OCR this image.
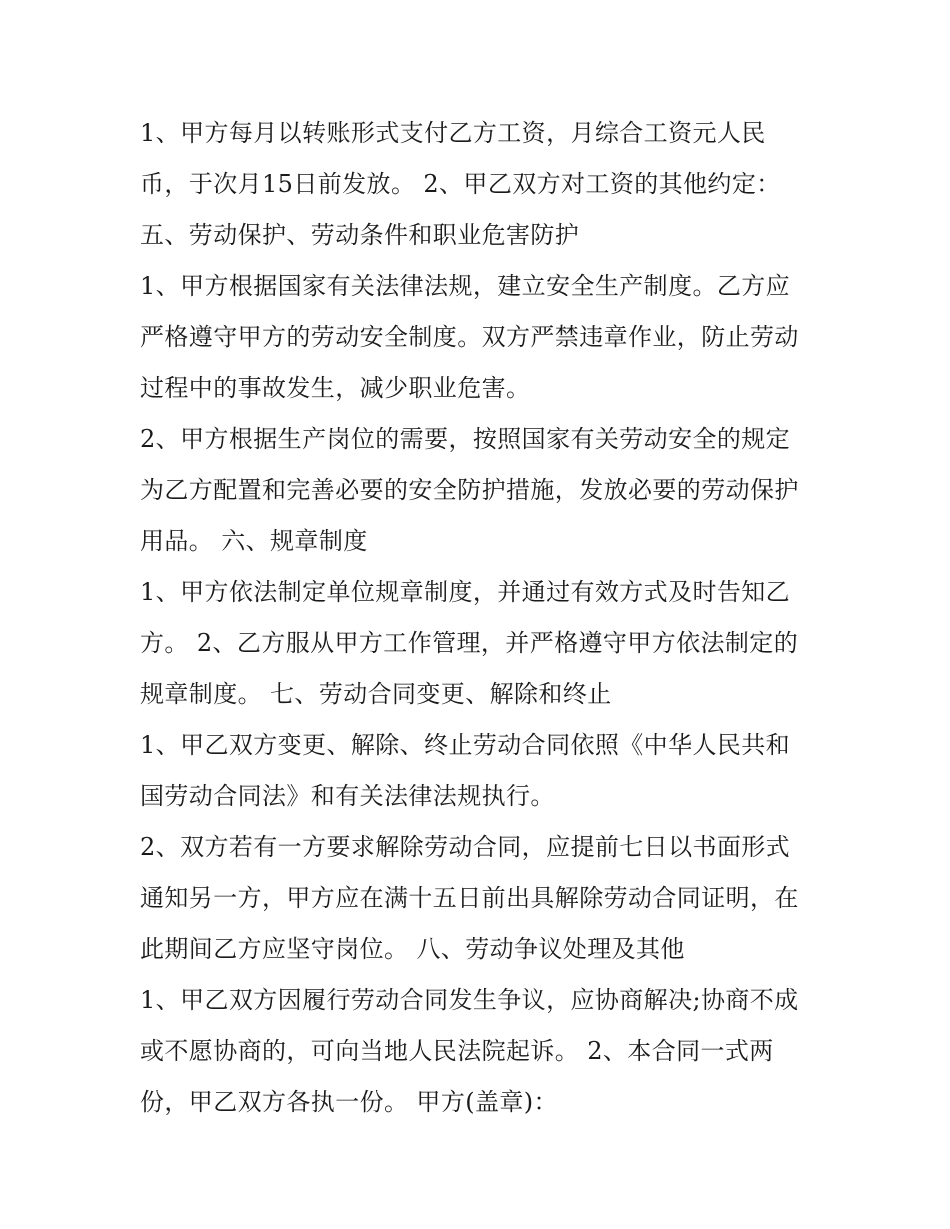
1、甲方每月以转账形式支付乙方工资，月综合工资元人民
币，于次月15日前发放。 2、甲乙双方对工资的其他约定：
五、劳动保护、劳动条件和职业危害防护
1、甲方根据国家有关法律法规，建立安全生产制度。乙方应
严格遵守甲方的劳动安全制度。双方严禁违章作业，防止劳动
过程中的事故发生，减少职业危害。
2、甲方根据生产岗位的需要，按照国家有关劳动安全的规定
为乙方配置和完善必要的安全防护措施，发放必要的劳动保护
用品。 六、规章制度
1、甲方依法制定单位规章制度，并通过有效方式及时告知乙
方。 2、乙方服从甲方工作管理，并严格遵守甲方依法制定的
规章制度。 七、劳动合同变更、解除和终止
1、甲乙双方变更、解除、终止劳动合同依照《中华人民共和
国劳动合同法》和有关法律法规执行。
2、双方若有一方要求解除劳动合同，应提前七日以书面形式
通知另一方，甲方应在满十五日前出具解除劳动合同证明，在
此期间乙方应坚守岗位。 八、劳动争议处理及其他
1、甲乙双方因履行劳动合同发生争议，应协商解决;协商不成
或不愿协商的，可向当地人民法院起诉。 2、本合同一式两
份，甲乙双方各执一份。 甲方(盖章)：
